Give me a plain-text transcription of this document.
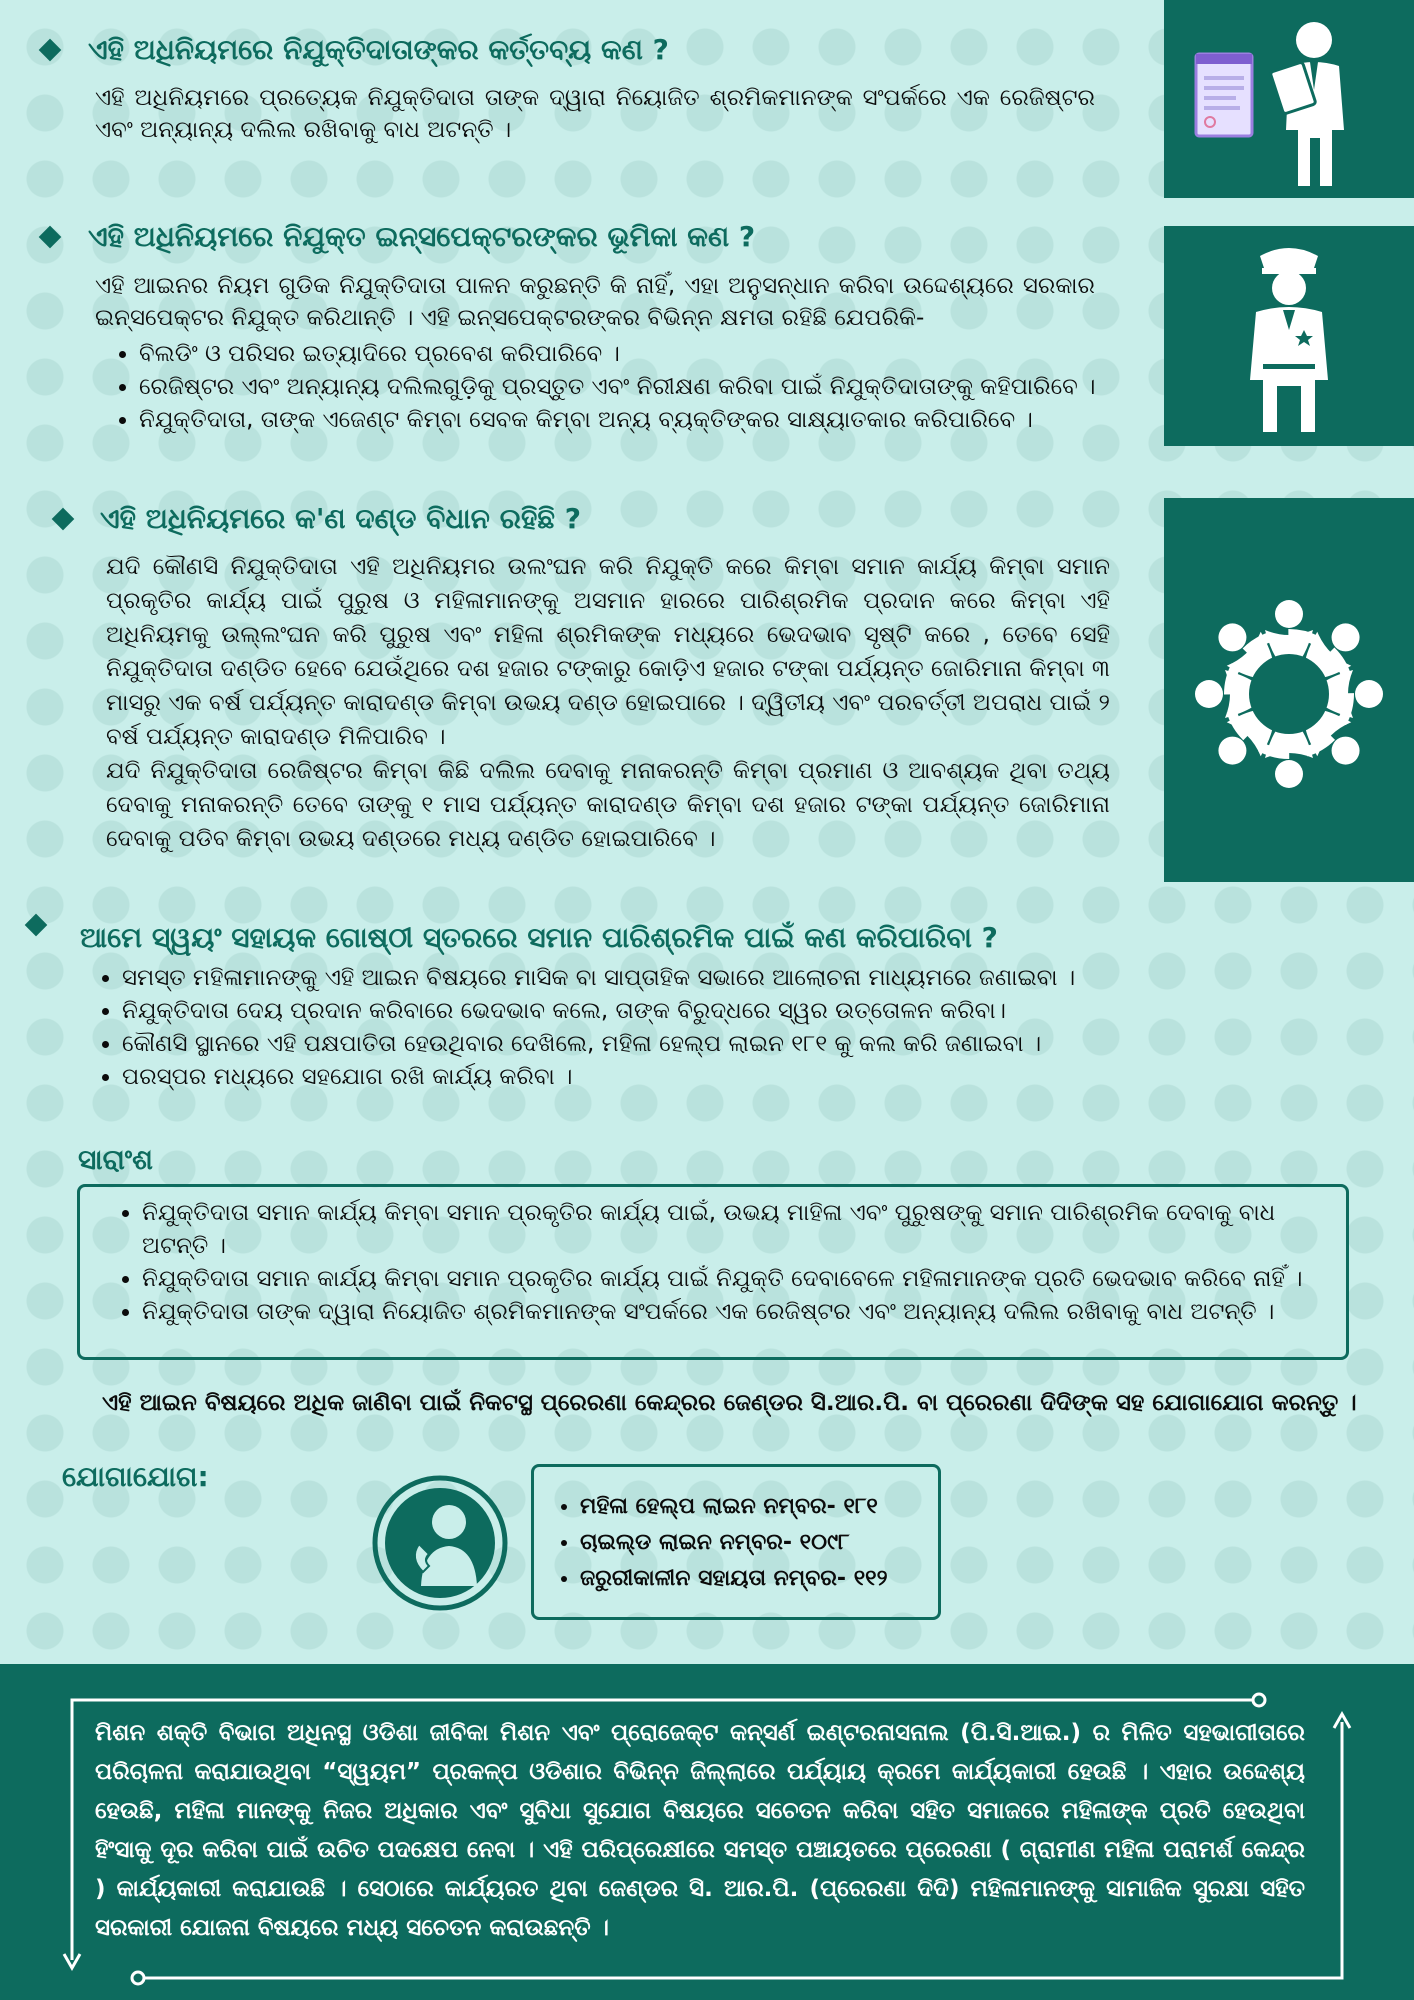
ଏହି ଅଧିନିୟମରେ ନିଯୁକ୍ତିଦାତାଙ୍କର କର୍ତ୍ତବ୍ୟ କଣ ?

ଏହି ଅଧିନିୟମରେ ପ୍ରତ୍ୟେକ ନିଯୁକ୍ତିଦାତା ତାଙ୍କ ଦ୍ୱାରା ନିୟୋଜିତ ଶ୍ରମିକମାନଙ୍କ ସଂପର୍କରେ ଏକ ରେଜିଷ୍ଟର ଏବଂ ଅନ୍ୟାନ୍ୟ ଦଲିଲ ରଖିବାକୁ ବାଧ ଅଟନ୍ତି ।

ଏହି ଅଧିନିୟମରେ ନିଯୁକ୍ତ ଇନ୍ସପେକ୍ଟରଙ୍କର ଭୂମିକା କଣ ?

ଏହି ଆଇନର ନିୟମ ଗୁଡିକ ନିଯୁକ୍ତିଦାତା ପାଳନ କରୁଛନ୍ତି କି ନାହିଁ, ଏହା ଅନୁସନ୍ଧାନ କରିବା ଉଦ୍ଦେଶ୍ୟରେ ସରକାର ଇନ୍ସପେକ୍ଟର ନିଯୁକ୍ତ କରିଥାନ୍ତି । ଏହି ଇନ୍ସପେକ୍ଟରଙ୍କର ବିଭିନ୍ନ କ୍ଷମତା ରହିଛି ଯେପରିକି-

• ବିଲଡିଂ ଓ ପରିସର ଇତ୍ୟାଦିରେ ପ୍ରବେଶ କରିପାରିବେ ।
• ରେଜିଷ୍ଟର ଏବଂ ଅନ୍ୟାନ୍ୟ ଦଲିଲଗୁଡ଼ିକୁ ପ୍ରସ୍ତୁତ ଏବଂ ନିରୀକ୍ଷଣ କରିବା ପାଇଁ ନିଯୁକ୍ତିଦାତାଙ୍କୁ କହିପାରିବେ ।
• ନିଯୁକ୍ତିଦାତା, ତାଙ୍କ ଏଜେଣ୍ଟ କିମ୍ବା ସେବକ କିମ୍ବା ଅନ୍ୟ ବ୍ୟକ୍ତିଙ୍କର ସାକ୍ଷ୍ୟାତକାର କରିପାରିବେ ।
ଏହି ଅଧିନିୟମରେ କ'ଣ ଦଣ୍ଡ ବିଧାନ ରହିଛି ?

ଯଦି କୌଣସି ନିଯୁକ୍ତିଦାତା ଏହି ଅଧିନିୟମର ଉଲଂଘନ କରି ନିଯୁକ୍ତି କରେ କିମ୍ବା ସମାନ କାର୍ଯ୍ୟ କିମ୍ବା ସମାନ ପ୍ରକୃତିର କାର୍ଯ୍ୟ ପାଇଁ ପୁରୁଷ ଓ ମହିଳାମାନଙ୍କୁ ଅସମାନ ହାରରେ ପାରିଶ୍ରମିକ ପ୍ରଦାନ କରେ କିମ୍ବା ଏହି ଅଧିନିୟମକୁ ଉଲ୍ଲଂଘନ କରି ପୁରୁଷ ଏବଂ ମହିଳା ଶ୍ରମିକଙ୍କ ମଧ୍ୟରେ ଭେଦଭାବ ସୃଷ୍ଟି କରେ , ତେବେ ସେହି ନିଯୁକ୍ତିଦାତା ଦଣ୍ଡିତ ହେବେ ଯେଉଁଥିରେ ଦଶ ହଜାର ଟଙ୍କାରୁ କୋଡ଼ିଏ ହଜାର ଟଙ୍କା ପର୍ଯ୍ୟନ୍ତ ଜୋରିମାନା କିମ୍ବା ୩ ମାସରୁ ଏକ ବର୍ଷ ପର୍ଯ୍ୟନ୍ତ କାରାଦଣ୍ଡ କିମ୍ବା ଉଭୟ ଦଣ୍ଡ ହୋଇପାରେ । ଦ୍ୱିତୀୟ ଏବଂ ପରବର୍ତ୍ତୀ ଅପରାଧ ପାଇଁ ୨ ବର୍ଷ ପର୍ଯ୍ୟନ୍ତ କାରାଦଣ୍ଡ ମିଳିପାରିବ ।

ଯଦି ନିଯୁକ୍ତିଦାତା ରେଜିଷ୍ଟର କିମ୍ବା କିଛି ଦଲିଲ ଦେବାକୁ ମନାକରନ୍ତି କିମ୍ବା ପ୍ରମାଣ ଓ ଆବଶ୍ୟକ ଥିବା ତଥ୍ୟ ଦେବାକୁ ମନାକରନ୍ତି ତେବେ ତାଙ୍କୁ ୧ ମାସ ପର୍ଯ୍ୟନ୍ତ କାରାଦଣ୍ଡ କିମ୍ବା ଦଶ ହଜାର ଟଙ୍କା ପର୍ଯ୍ୟନ୍ତ ଜୋରିମାନା ଦେବାକୁ ପଡିବ କିମ୍ବା ଉଭୟ ଦଣ୍ଡରେ ମଧ୍ୟ ଦଣ୍ଡିତ ହୋଇପାରିବେ ।

ଆମେ ସ୍ୱୟଂ ସହାୟକ ଗୋଷ୍ଠୀ ସ୍ତରରେ ସମାନ ପାରିଶ୍ରମିକ ପାଇଁ କଣ କରିପାରିବା ?
• ସମସ୍ତ ମହିଳାମାନଙ୍କୁ ଏହି ଆଇନ ବିଷୟରେ ମାସିକ ବା ସାପ୍ତାହିକ ସଭାରେ ଆଲୋଚନା ମାଧ୍ୟମରେ ଜଣାଇବା ।
• ନିଯୁକ୍ତିଦାତା ଦେୟ ପ୍ରଦାନ କରିବାରେ ଭେଦଭାବ କଲେ, ତାଙ୍କ ବିରୁଦ୍ଧରେ ସ୍ୱର ଉତ୍ତୋଳନ କରିବା।
• କୌଣସି ସ୍ଥାନରେ ଏହି ପକ୍ଷପାତିତା ହେଉଥିବାର ଦେଖିଲେ, ମହିଳା ହେଲ୍ପ ଲାଇନ ୧୮୧ କୁ କଲ କରି ଜଣାଇବା ।
• ପରସ୍ପର ମଧ୍ୟରେ ସହଯୋଗ ରଖି କାର୍ଯ୍ୟ କରିବା ।
ସାରାଂଶ
• ନିଯୁକ୍ତିଦାତା ସମାନ କାର୍ଯ୍ୟ କିମ୍ବା ସମାନ ପ୍ରକୃତିର କାର୍ଯ୍ୟ ପାଇଁ, ଉଭୟ ମାହିଳା ଏବଂ ପୁରୁଷଙ୍କୁ ସମାନ ପାରିଶ୍ରମିକ ଦେବାକୁ ବାଧ ଅଟନ୍ତି ।
• ନିଯୁକ୍ତିଦାତା ସମାନ କାର୍ଯ୍ୟ କିମ୍ବା ସମାନ ପ୍ରକୃତିର କାର୍ଯ୍ୟ ପାଇଁ ନିଯୁକ୍ତି ଦେବାବେଳେ ମହିଳାମାନଙ୍କ ପ୍ରତି ଭେଦଭାବ କରିବେ ନାହିଁ ।
• ନିଯୁକ୍ତିଦାତା ତାଙ୍କ ଦ୍ୱାରା ନିୟୋଜିତ ଶ୍ରମିକମାନଙ୍କ ସଂପର୍କରେ ଏକ ରେଜିଷ୍ଟର ଏବଂ ଅନ୍ୟାନ୍ୟ ଦଲିଲ ରଖିବାକୁ ବାଧ ଅଟନ୍ତି ।
ଏହି ଆଇନ ବିଷୟରେ ଅଧିକ ଜାଣିବା ପାଇଁ ନିକଟସ୍ଥ ପ୍ରେରଣା କେନ୍ଦ୍ରର ଜେଣ୍ଡର ସି.ଆର.ପି. ବା ପ୍ରେରଣା ଦିଦିଙ୍କ ସହ ଯୋଗାଯୋଗ କରନ୍ତୁ ।
ଯୋଗାଯୋଗ:
• ମହିଳା ହେଲ୍ପ ଲାଇନ ନମ୍ବର- ୧୮୧
• ଚାଇଲ୍ଡ ଲାଇନ ନମ୍ବର- ୧୦୯୮
• ଜରୁରୀକାଳୀନ ସହାୟତା ନମ୍ବର- ୧୧୨
ମିଶନ ଶକ୍ତି ବିଭାଗ ଅଧିନସ୍ଥ ଓଡିଶା ଜୀବିକା ମିଶନ ଏବଂ ପ୍ରୋଜେକ୍ଟ କନ୍‌ସର୍ଣ ଇଣ୍ଟରନାସନାଲ (ପି.ସି.ଆଇ.) ର ମିଳିତ ସହଭାଗୀତାରେ ପରିଚାଳନା କରାଯାଉଥିବା “ସ୍ୱୟମ” ପ୍ରକଳ୍ପ ଓଡିଶାର ବିଭିନ୍ନ ଜିଲ୍ଲାରେ ପର୍ଯ୍ୟାୟ କ୍ରମେ କାର୍ଯ୍ୟକାରୀ ହେଉଛି । ଏହାର ଉଦ୍ଦେଶ୍ୟ ହେଉଛି, ମହିଳା ମାନଙ୍କୁ ନିଜର ଅଧିକାର ଏବଂ ସୁବିଧା ସୁଯୋଗ ବିଷୟରେ ସଚେତନ କରିବା ସହିତ ସମାଜରେ ମହିଳାଙ୍କ ପ୍ରତି ହେଉଥିବା ହିଂସାକୁ ଦୂର କରିବା ପାଇଁ ଉଚିତ ପଦକ୍ଷେପ ନେବା । ଏହି ପରିପ୍ରେକ୍ଷୀରେ ସମସ୍ତ ପଞ୍ଚାୟତରେ ପ୍ରେରଣା ( ଗ୍ରାମୀଣ ମହିଳା ପରାମର୍ଶ କେନ୍ଦ୍ର ) କାର୍ଯ୍ୟକାରୀ କରାଯାଉଛି । ସେଠାରେ କାର୍ଯ୍ୟରତ ଥିବା ଜେଣ୍ଡର ସି. ଆର.ପି. (ପ୍ରେରଣା ଦିଦି) ମହିଳାମାନଙ୍କୁ ସାମାଜିକ ସୁରକ୍ଷା ସହିତ ସରକାରୀ ଯୋଜନା ବିଷୟରେ ମଧ୍ୟ ସଚେତନ କରାଉଛନ୍ତି ।
